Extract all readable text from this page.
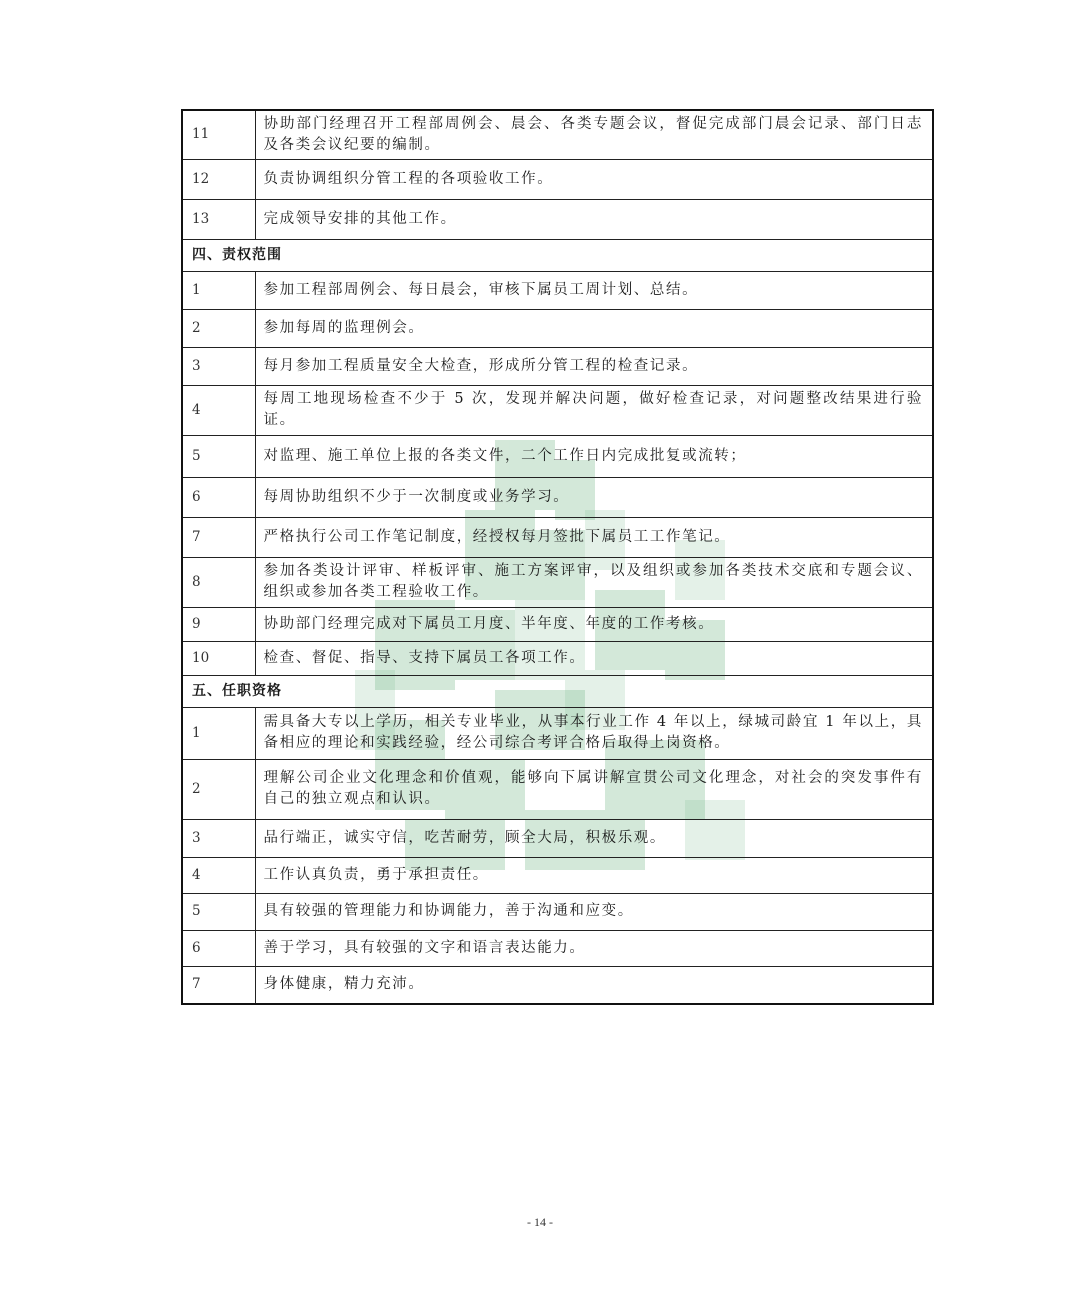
11	协助部门经理召开工程部周例会、晨会、各类专题会议，督促完成部门晨会记录、部门日志及各类会议纪要的编制。
12	负责协调组织分管工程的各项验收工作。
13	完成领导安排的其他工作。
四、责权范围	
1	参加工程部周例会、每日晨会，审核下属员工周计划、总结。
2	参加每周的监理例会。
3	每月参加工程质量安全大检查，形成所分管工程的检查记录。
4	每周工地现场检查不少于 5 次，发现并解决问题，做好检查记录，对问题整改结果进行验证。
5	对监理、施工单位上报的各类文件，二个工作日内完成批复或流转；
6	每周协助组织不少于一次制度或业务学习。
7	严格执行公司工作笔记制度，经授权每月签批下属员工工作笔记。
8	参加各类设计评审、样板评审、施工方案评审，以及组织或参加各类技术交底和专题会议、组织或参加各类工程验收工作。
9	协助部门经理完成对下属员工月度、半年度、年度的工作考核。
10	检查、督促、指导、支持下属员工各项工作。
五、任职资格	
1	需具备大专以上学历，相关专业毕业，从事本行业工作 4 年以上，绿城司龄宜 1 年以上，具备相应的理论和实践经验，经公司综合考评合格后取得上岗资格。
2	理解公司企业文化理念和价值观，能够向下属讲解宣贯公司文化理念，对社会的突发事件有自己的独立观点和认识。
3	品行端正，诚实守信，吃苦耐劳，顾全大局，积极乐观。
4	工作认真负责，勇于承担责任。
5	具有较强的管理能力和协调能力，善于沟通和应变。
6	善于学习，具有较强的文字和语言表达能力。
7	身体健康，精力充沛。
- 14 -
